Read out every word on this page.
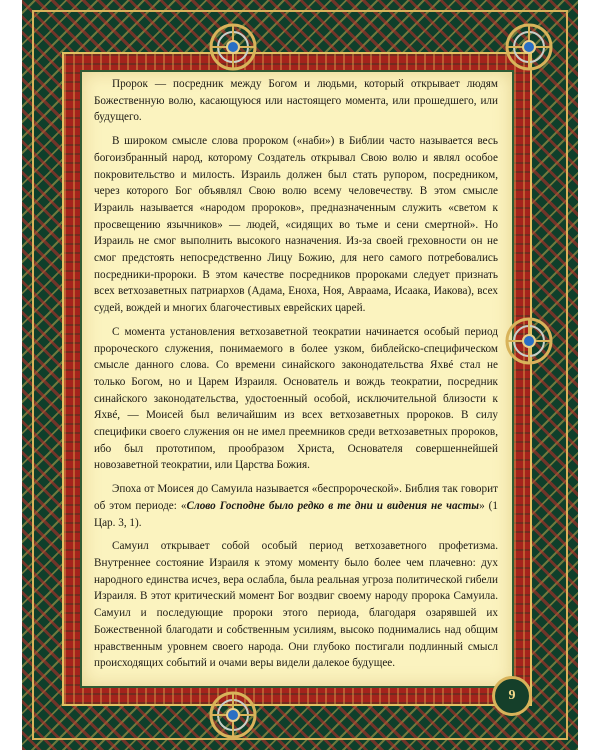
Пророк — посредник между Богом и людьми, который открывает людям Божественную волю, касающуюся или настоящего момента, или прошедшего, или будущего.

В широком смысле слова пророком («наби») в Библии часто называется весь богоизбранный народ, которому Создатель открывал Свою волю и являл особое покровительство и милость. Израиль должен был стать рупором, посредником, через которого Бог объявлял Свою волю всему человечеству. В этом смысле Израиль называется «народом пророков», предназначенным служить «светом к просвещению язычников» — людей, «сидящих во тьме и сени смертной». Но Израиль не смог выполнить высокого назначения. Из-за своей греховности он не смог предстоять непосредственно Лицу Божию, для него самого потребовались посредники-пророки. В этом качестве посредников пророками следует признать всех ветхозаветных патриархов (Адама, Еноха, Ноя, Авраама, Исаака, Иакова), всех судей, вождей и многих благочестивых еврейских царей.

С момента установления ветхозаветной теократии начинается особый период пророческого служения, понимаемого в более узком, библейско-специфическом смысле данного слова. Со времени синайского законодательства Яхвé стал не только Богом, но и Царем Израиля. Основатель и вождь теократии, посредник синайского законодательства, удостоенный особой, исключительной близости к Яхвé, — Моисей был величайшим из всех ветхозаветных пророков. В силу специфики своего служения он не имел преемников среди ветхозаветных пророков, ибо был прототипом, прообразом Христа, Основателя совершеннейшей новозаветной теократии, или Царства Божия.

Эпоха от Моисея до Самуила называется «беспророческой». Библия так говорит об этом периоде: «Слово Господне было редко в те дни и видения не часты» (1 Цар. 3, 1).

Самуил открывает собой особый период ветхозаветного профетизма. Внутреннее состояние Израиля к этому моменту было более чем плачевно: дух народного единства исчез, вера ослабла, была реальная угроза политической гибели Израиля. В этот критический момент Бог воздвиг своему народу пророка Самуила. Самуил и последующие пророки этого периода, благодаря озарявшей их Божественной благодати и собственным усилиям, высоко поднимались над общим нравственным уровнем своего народа. Они глубоко постигали подлинный смысл происходящих событий и очами веры видели далекое будущее.

9
